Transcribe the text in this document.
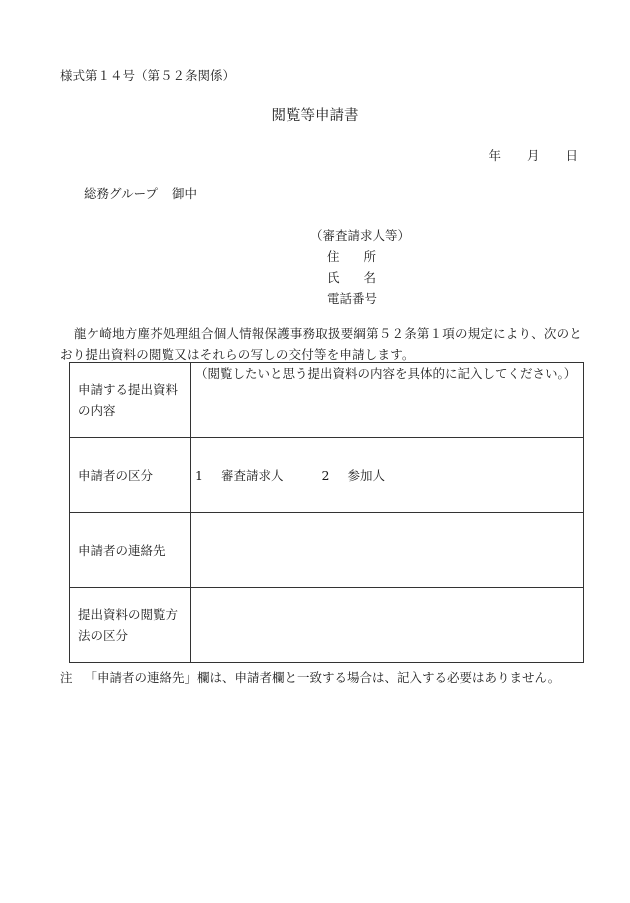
様式第１４号（第５２条関係）
閲覧等申請書
年 月 日
総務グループ 御中
（審査請求人等）
住 所
氏 名
電話番号
龍ケ崎地方塵芥処理組合個人情報保護事務取扱要綱第５２条第１項の規定により、次のとおり提出資料の閲覧又はそれらの写しの交付等を申請します。
申請する提出資料の内容	（閲覧したいと思う提出資料の内容を具体的に記入してください。）
申請者の区分	1 審査請求人 2 参加人
申請者の連絡先	
提出資料の閲覧方法の区分	
注 「申請者の連絡先」欄は、申請者欄と一致する場合は、記入する必要はありません。
